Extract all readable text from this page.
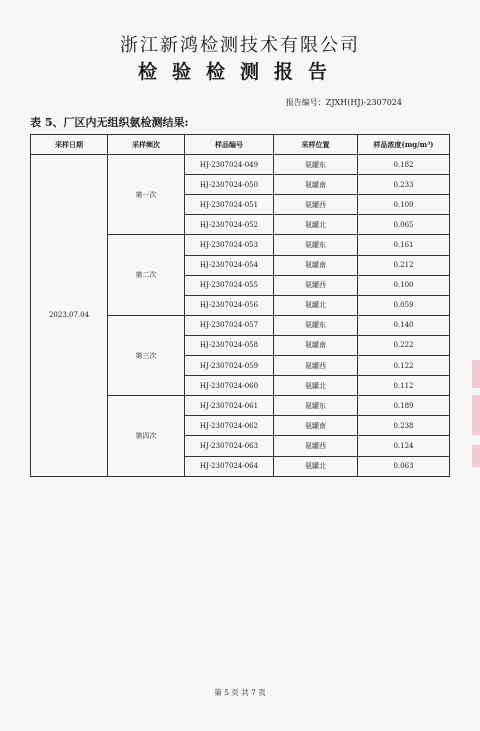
浙江新鸿检测技术有限公司
检验检测报告
报告编号：ZJXH(HJ)-2307024
表 5、厂区内无组织氨检测结果:
采样日期	采样频次	样品编号	采样位置	样品浓度(mg/m³)
2023.07.04	第一次	HJ-2307024-049	氨罐东	0.182
		HJ-2307024-050	氨罐南	0.233
		HJ-2307024-051	氨罐西	0.109
		HJ-2307024-052	氨罐北	0.065
	第二次	HJ-2307024-053	氨罐东	0.161
		HJ-2307024-054	氨罐南	0.212
		HJ-2307024-055	氨罐西	0.100
		HJ-2307024-056	氨罐北	0.059
	第三次	HJ-2307024-057	氨罐东	0.140
		HJ-2307024-058	氨罐南	0.222
		HJ-2307024-059	氨罐西	0.122
		HJ-2307024-060	氨罐北	0.112
	第四次	HJ-2307024-061	氨罐东	0.189
		HJ-2307024-062	氨罐南	0.238
		HJ-2307024-063	氨罐西	0.124
		HJ-2307024-064	氨罐北	0.063
第 5 页 共 7 页
